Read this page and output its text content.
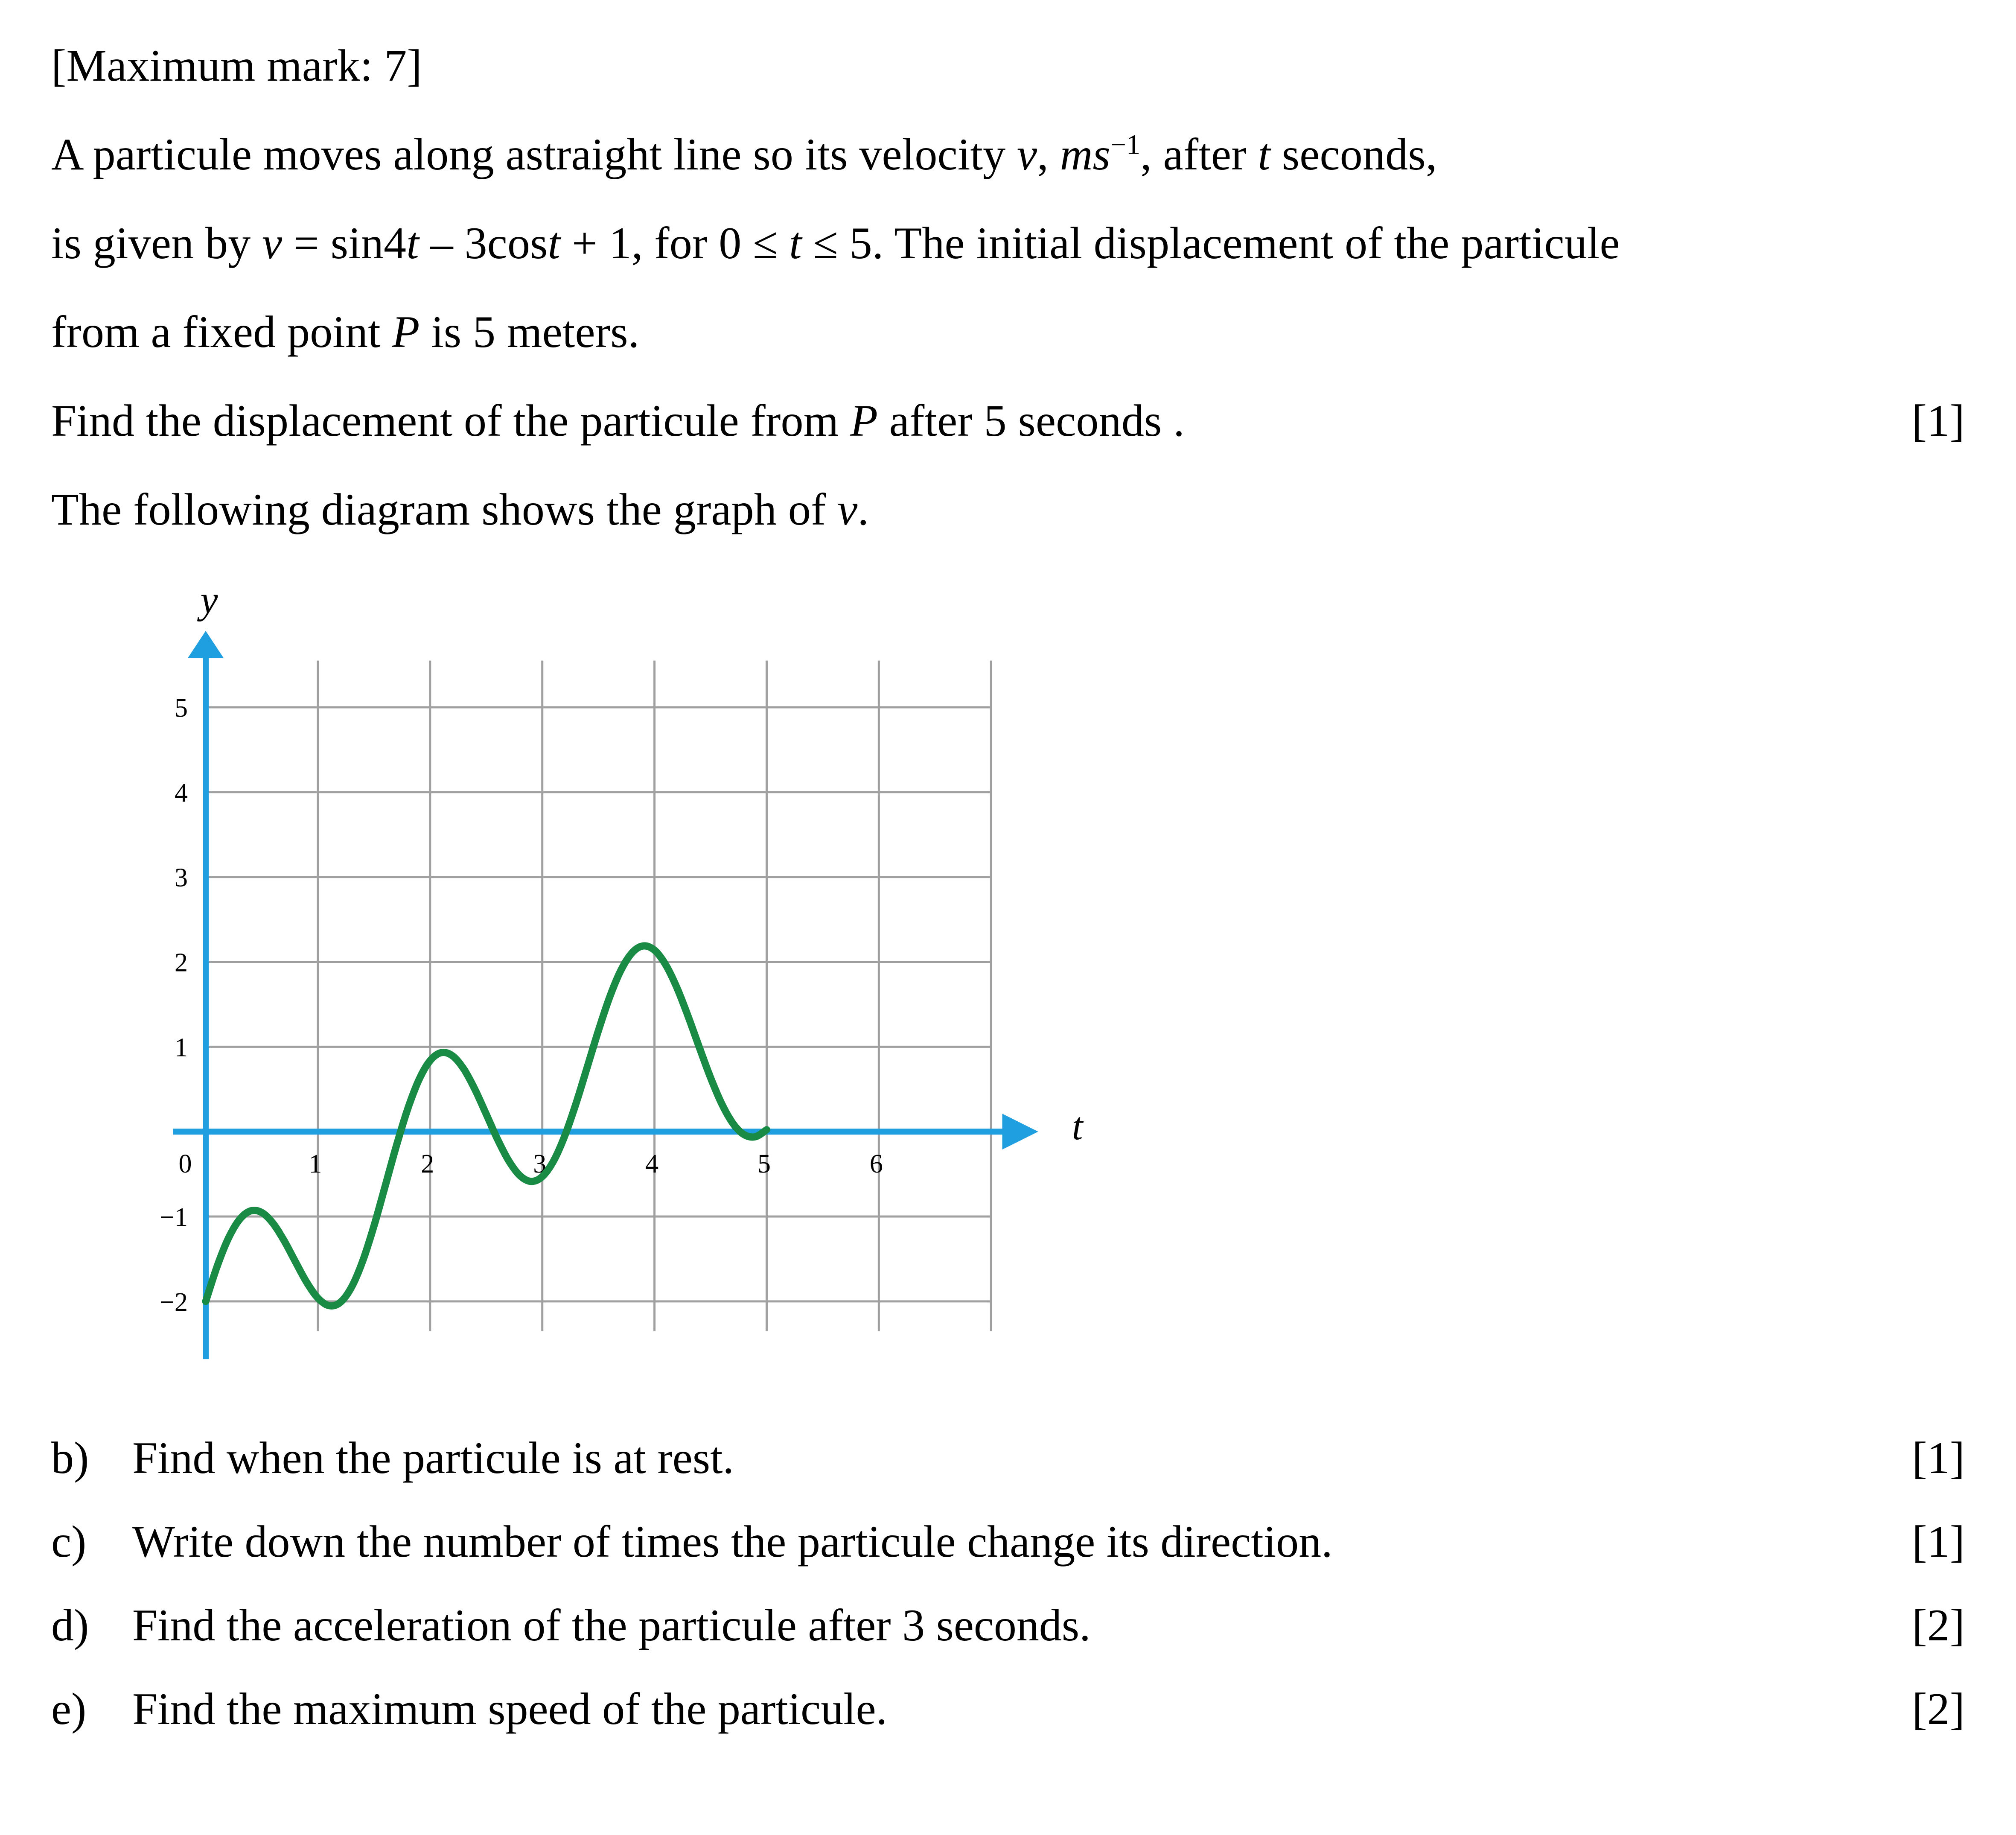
[Maximum mark: 7]
A particule moves along astraight line so its velocity v, $ms^{-1}$, after t seconds,
is given by v = sin4t – 3cost + 1, for 0 ≤ t ≤ 5. The initial displacement of the particule
from a fixed point P is 5 meters.
Find the displacement of the particule from P after 5 seconds .	[1]
The following diagram shows the graph of v.
0	1	2	3	4	5	6
−2
−1
1
2
3
4
5
y
t
b) Find when the particule is at rest.	[1]
c)	Write down the number of times the particule change its direction.	[1]
d) Find the acceleration of the particule after 3 seconds.	[2]
e)	Find the maximum speed of the particule.	[2]
